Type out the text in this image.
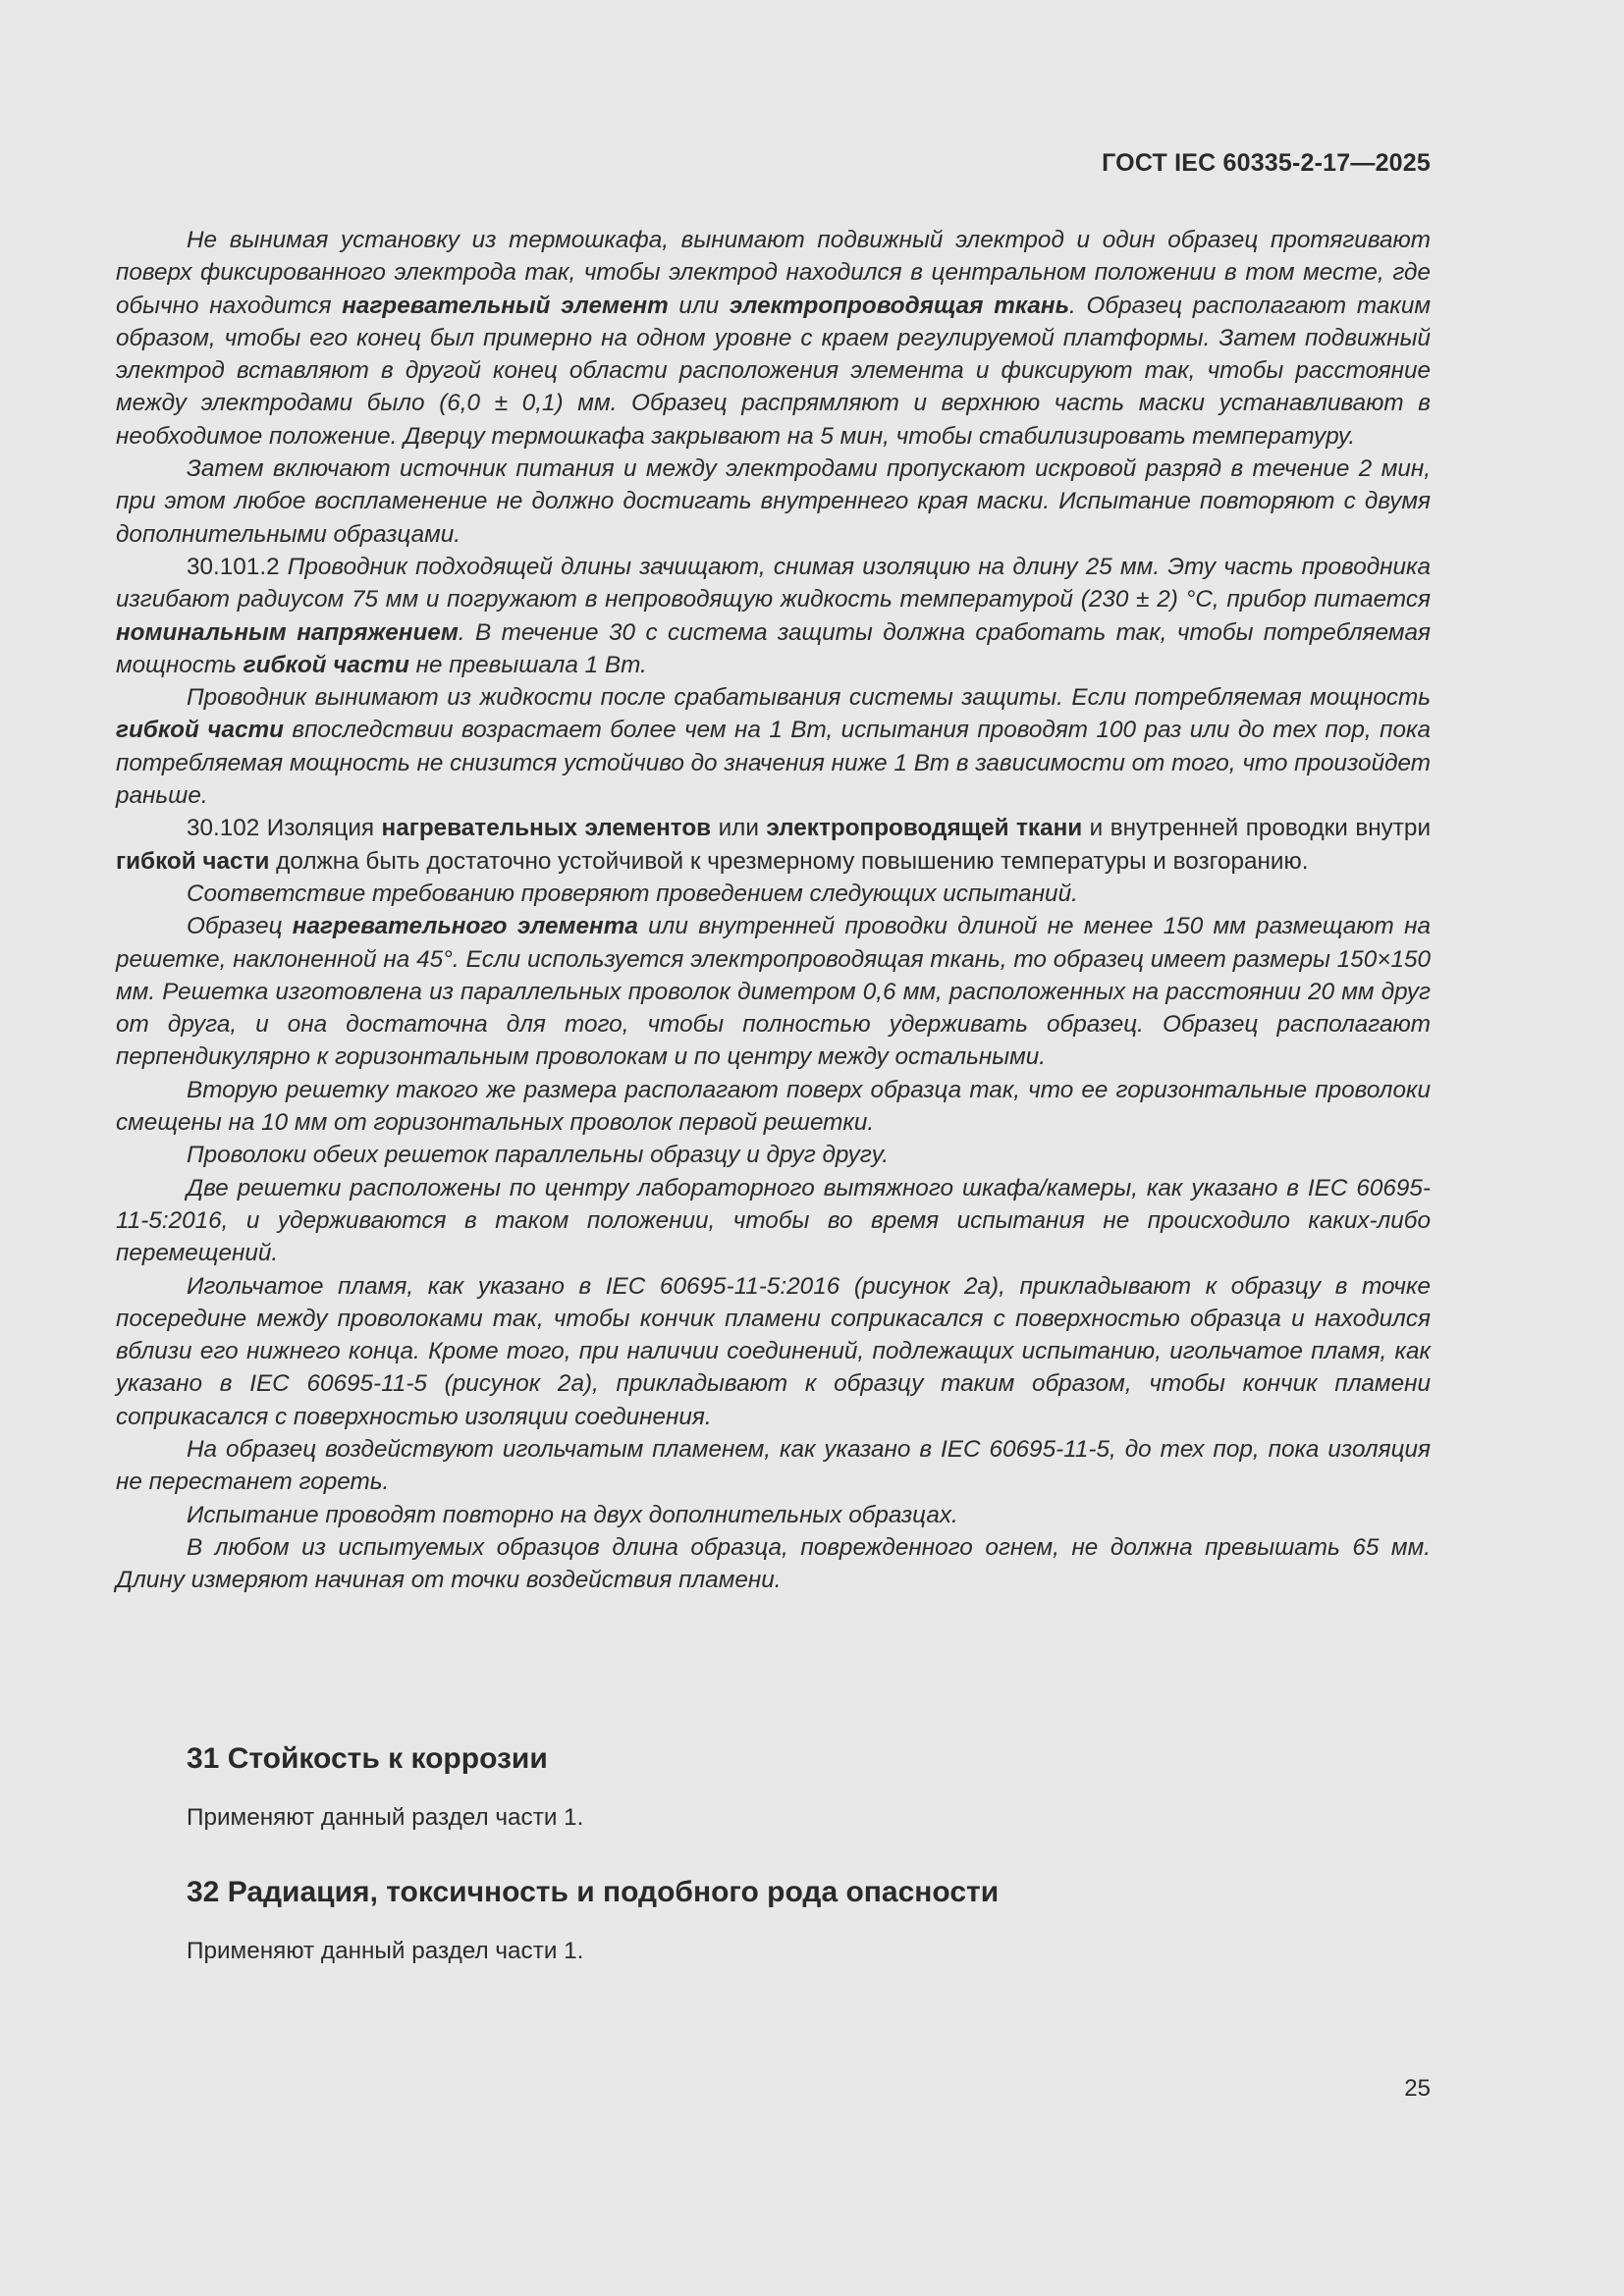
ГОСТ IEC 60335-2-17—2025

Не вынимая установку из термошкафа, вынимают подвижный электрод и один образец протягивают поверх фиксированного электрода так, чтобы электрод находился в центральном положении в том месте, где обычно находится нагревательный элемент или электропроводящая ткань. Образец располагают таким образом, чтобы его конец был примерно на одном уровне с краем регулируемой платформы. Затем подвижный электрод вставляют в другой конец области расположения элемента и фиксируют так, чтобы расстояние между электродами было (6,0 ± 0,1) мм. Образец распрямляют и верхнюю часть маски устанавливают в необходимое положение. Дверцу термошкафа закрывают на 5 мин, чтобы стабилизировать температуру.

Затем включают источник питания и между электродами пропускают искровой разряд в течение 2 мин, при этом любое воспламенение не должно достигать внутреннего края маски. Испытание повторяют с двумя дополнительными образцами.

30.101.2 Проводник подходящей длины зачищают, снимая изоляцию на длину 25 мм. Эту часть проводника изгибают радиусом 75 мм и погружают в непроводящую жидкость температурой (230 ± 2) °С, прибор питается номинальным напряжением. В течение 30 с система защиты должна сработать так, чтобы потребляемая мощность гибкой части не превышала 1 Вт.

Проводник вынимают из жидкости после срабатывания системы защиты. Если потребляемая мощность гибкой части впоследствии возрастает более чем на 1 Вт, испытания проводят 100 раз или до тех пор, пока потребляемая мощность не снизится устойчиво до значения ниже 1 Вт в зависимости от того, что произойдет раньше.

30.102 Изоляция нагревательных элементов или электропроводящей ткани и внутренней проводки внутри гибкой части должна быть достаточно устойчивой к чрезмерному повышению температуры и возгоранию.

Соответствие требованию проверяют проведением следующих испытаний.

Образец нагревательного элемента или внутренней проводки длиной не менее 150 мм размещают на решетке, наклоненной на 45°. Если используется электропроводящая ткань, то образец имеет размеры 150×150 мм. Решетка изготовлена из параллельных проволок диметром 0,6 мм, расположенных на расстоянии 20 мм друг от друга, и она достаточна для того, чтобы полностью удерживать образец. Образец располагают перпендикулярно к горизонтальным проволокам и по центру между остальными.

Вторую решетку такого же размера располагают поверх образца так, что ее горизонтальные проволоки смещены на 10 мм от горизонтальных проволок первой решетки.

Проволоки обеих решеток параллельны образцу и друг другу.

Две решетки расположены по центру лабораторного вытяжного шкафа/камеры, как указано в IEC 60695-11-5:2016, и удерживаются в таком положении, чтобы во время испытания не происходило каких-либо перемещений.

Игольчатое пламя, как указано в IEC 60695-11-5:2016 (рисунок 2а), прикладывают к образцу в точке посередине между проволоками так, чтобы кончик пламени соприкасался с поверхностью образца и находился вблизи его нижнего конца. Кроме того, при наличии соединений, подлежащих испытанию, игольчатое пламя, как указано в IEC 60695-11-5 (рисунок 2а), прикладывают к образцу таким образом, чтобы кончик пламени соприкасался с поверхностью изоляции соединения.

На образец воздействуют игольчатым пламенем, как указано в IEC 60695-11-5, до тех пор, пока изоляция не перестанет гореть.

Испытание проводят повторно на двух дополнительных образцах.

В любом из испытуемых образцов длина образца, поврежденного огнем, не должна превышать 65 мм. Длину измеряют начиная от точки воздействия пламени.

31 Стойкость к коррозии

Применяют данный раздел части 1.

32 Радиация, токсичность и подобного рода опасности

Применяют данный раздел части 1.

25
